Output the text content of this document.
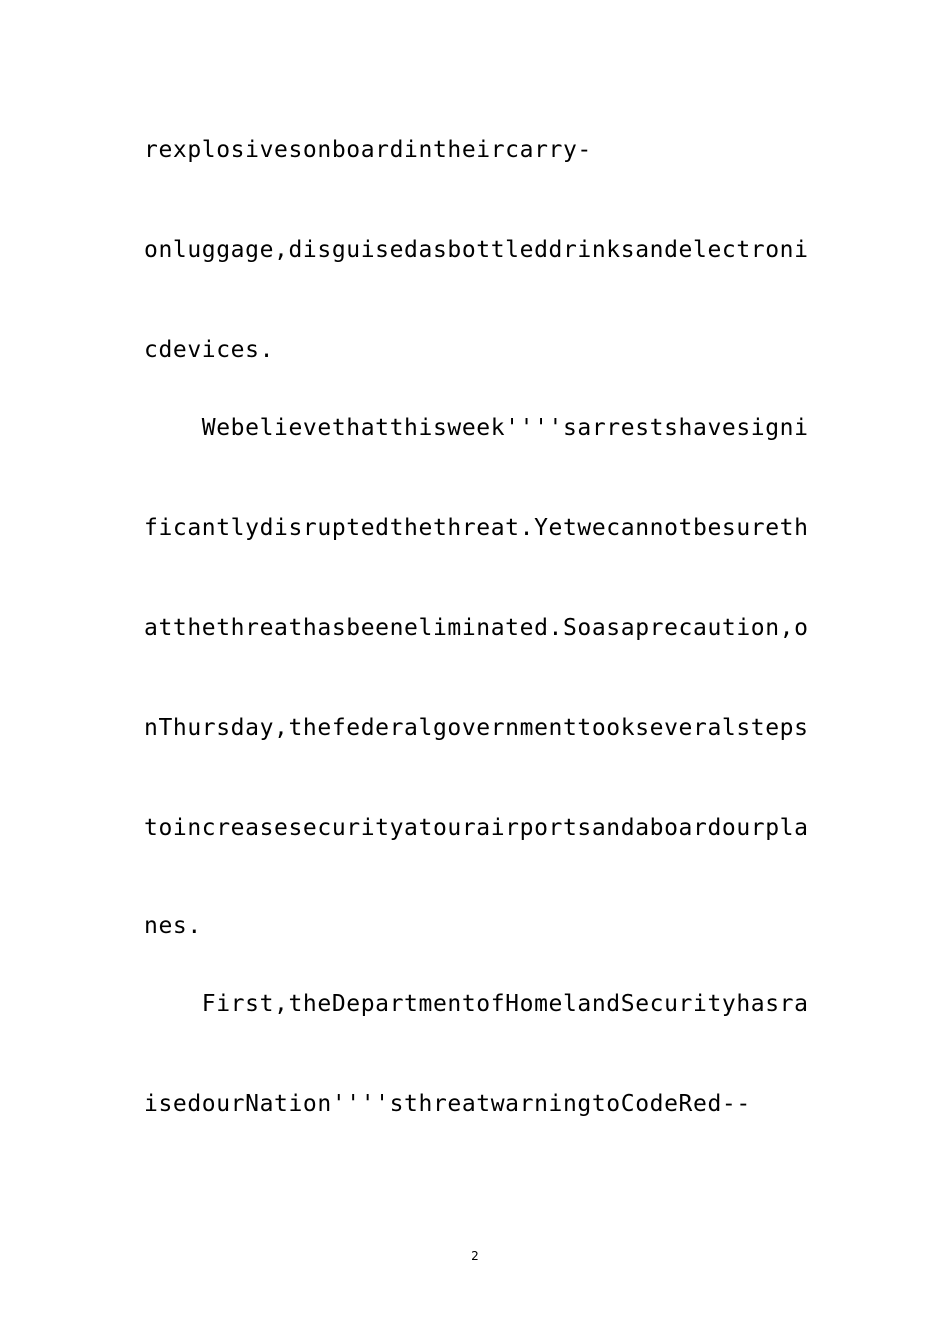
rexplosivesonboardintheircarry-
onluggage,disguisedasbottleddrinksandelectroni
cdevices.
Webelievethatthisweek''''sarrestshavesigni
ficantlydisruptedthethreat.Yetwecannotbesureth
atthethreathasbeeneliminated.Soasaprecaution,o
nThursday,thefederalgovernmenttookseveralsteps
toincreasesecurityatourairportsandaboardourpla
nes.
First,theDepartmentofHomelandSecurityhasra
isedourNation''''sthreatwarningtoCodeRed--
2
